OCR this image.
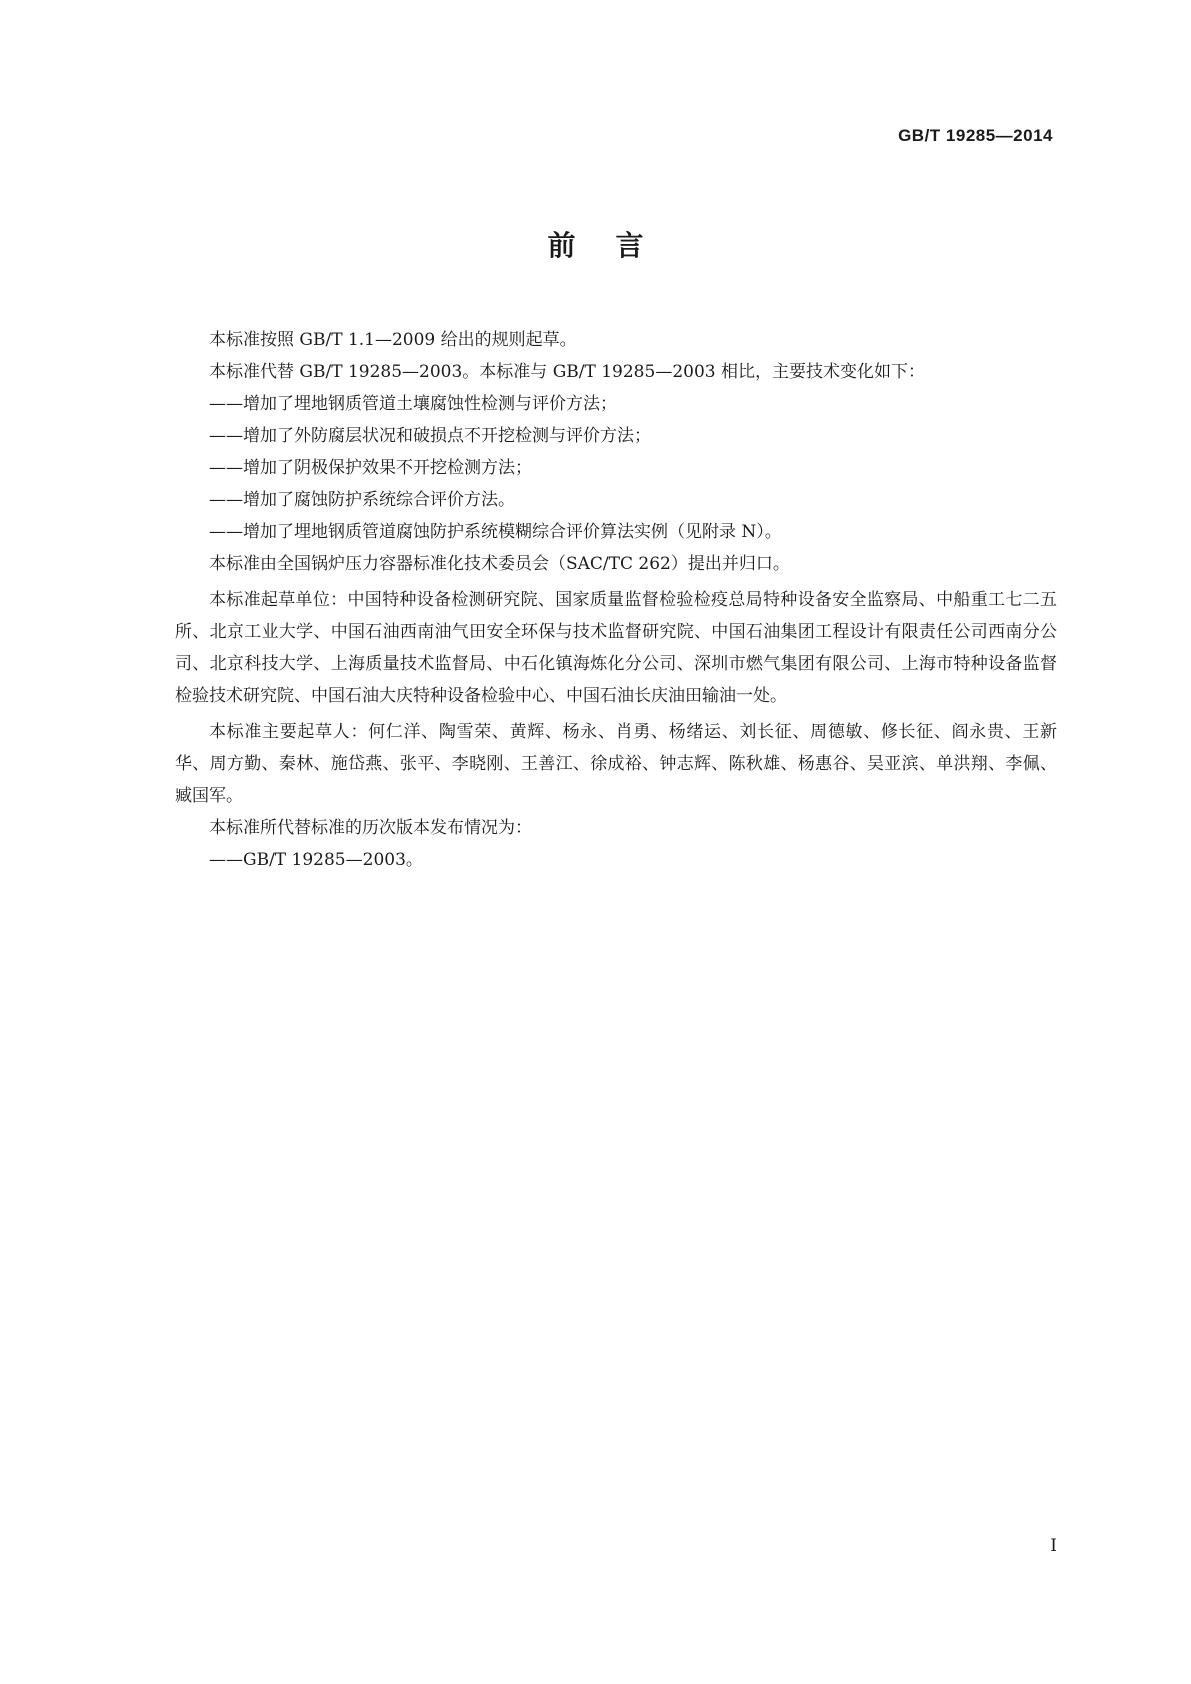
GB/T 19285—2014
前言

本标准按照 GB/T 1.1—2009 给出的规则起草。

本标准代替 GB/T 19285—2003。本标准与 GB/T 19285—2003 相比，主要技术变化如下：

——增加了埋地钢质管道土壤腐蚀性检测与评价方法；

——增加了外防腐层状况和破损点不开挖检测与评价方法；

——增加了阴极保护效果不开挖检测方法；

——增加了腐蚀防护系统综合评价方法。

——增加了埋地钢质管道腐蚀防护系统模糊综合评价算法实例（见附录 N）。

本标准由全国锅炉压力容器标准化技术委员会（SAC/TC 262）提出并归口。

本标准起草单位：中国特种设备检测研究院、国家质量监督检验检疫总局特种设备安全监察局、中船重工七二五所、北京工业大学、中国石油西南油气田安全环保与技术监督研究院、中国石油集团工程设计有限责任公司西南分公司、北京科技大学、上海质量技术监督局、中石化镇海炼化分公司、深圳市燃气集团有限公司、上海市特种设备监督检验技术研究院、中国石油大庆特种设备检验中心、中国石油长庆油田输油一处。

本标准主要起草人：何仁洋、陶雪荣、黄辉、杨永、肖勇、杨绪运、刘长征、周德敏、修长征、阎永贵、王新华、周方勤、秦林、施岱燕、张平、李晓刚、王善江、徐成裕、钟志辉、陈秋雄、杨惠谷、吴亚滨、单洪翔、李佩、臧国军。

本标准所代替标准的历次版本发布情况为：

——GB/T 19285—2003。

I
